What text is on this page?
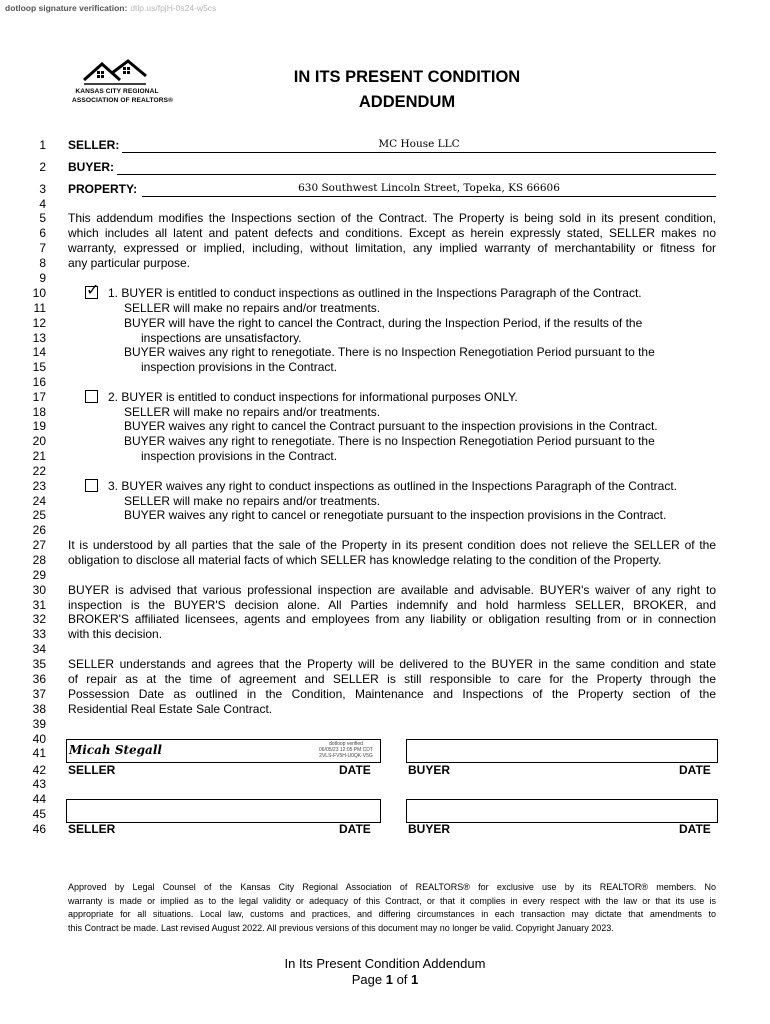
dotloop signature verification: dtlp.us/fpjH-0s24-w5cs
KANSAS CITY REGIONAL
ASSOCIATION OF REALTORS®
IN ITS PRESENT CONDITION
ADDENDUM
1
2
3
4
5
6
7
8
9
10
11
12
13
14
15
16
17
18
19
20
21
22
23
24
25
26
27
28
29
30
31
32
33
34
35
36
37
38
39
40
41
42
43
44
45
46
SELLER:	MC House LLC
BUYER:
PROPERTY:	630 Southwest Lincoln Street, Topeka, KS 66606
This addendum modifies the Inspections section of the Contract. The Property is being sold in its present condition,
which includes all latent and patent defects and conditions. Except as herein expressly stated, SELLER makes no
warranty, expressed or implied, including, without limitation, any implied warranty of merchantability or fitness for
any particular purpose.
✓ 1. BUYER is entitled to conduct inspections as outlined in the Inspections Paragraph of the Contract.
SELLER will make no repairs and/or treatments.
BUYER will have the right to cancel the Contract, during the Inspection Period, if the results of the
inspections are unsatisfactory.
BUYER waives any right to renegotiate. There is no Inspection Renegotiation Period pursuant to the
inspection provisions in the Contract.
2. BUYER is entitled to conduct inspections for informational purposes ONLY.
SELLER will make no repairs and/or treatments.
BUYER waives any right to cancel the Contract pursuant to the inspection provisions in the Contract.
BUYER waives any right to renegotiate. There is no Inspection Renegotiation Period pursuant to the
inspection provisions in the Contract.
3. BUYER waives any right to conduct inspections as outlined in the Inspections Paragraph of the Contract.
SELLER will make no repairs and/or treatments.
BUYER waives any right to cancel or renegotiate pursuant to the inspection provisions in the Contract.
It is understood by all parties that the sale of the Property in its present condition does not relieve the SELLER of the
obligation to disclose all material facts of which SELLER has knowledge relating to the condition of the Property.
BUYER is advised that various professional inspection are available and advisable. BUYER's waiver of any right to
inspection is the BUYER'S decision alone. All Parties indemnify and hold harmless SELLER, BROKER, and
BROKER'S affiliated licensees, agents and employees from any liability or obligation resulting from or in connection
with this decision.
SELLER understands and agrees that the Property will be delivered to the BUYER in the same condition and state
of repair as at the time of agreement and SELLER is still responsible to care for the Property through the
Possession Date as outlined in the Condition, Maintenance and Inspections of the Property section of the
Residential Real Estate Sale Contract.
Micah Stegall	dotloop verified
06/05/23 12:05 PM CDT
2VLS-FV5H-U0QK-V5G
SELLER	DATE	BUYER	DATE
SELLER	DATE	BUYER	DATE
Approved by Legal Counsel of the Kansas City Regional Association of REALTORS® for exclusive use by its REALTOR® members. No
warranty is made or implied as to the legal validity or adequacy of this Contract, or that it complies in every respect with the law or that its use is
appropriate for all situations. Local law, customs and practices, and differing circumstances in each transaction may dictate that amendments to
this Contract be made. Last revised August 2022. All previous versions of this document may no longer be valid. Copyright January 2023.
In Its Present Condition Addendum
Page 1 of 1
